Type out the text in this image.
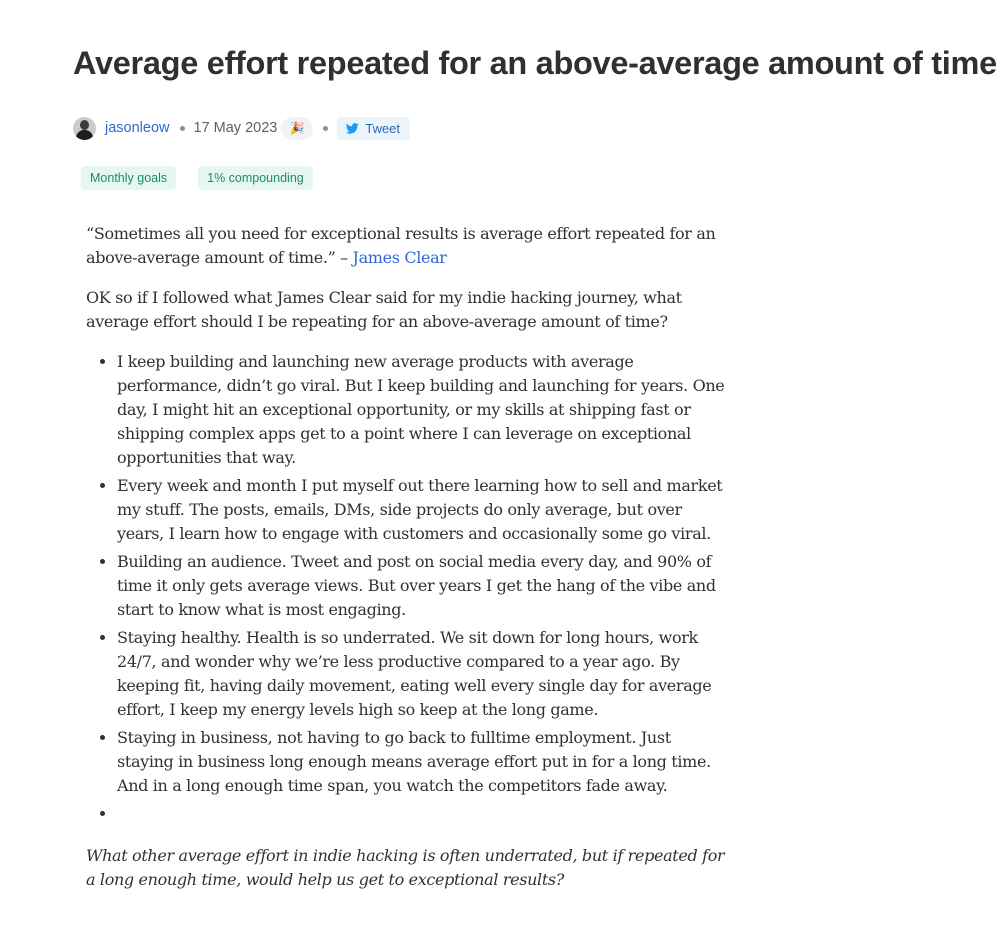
Average effort repeated for an above-average amount of time
jasonleow 17 May 2023 🎉	Tweet
Monthly goals	1% compounding

“Sometimes all you need for exceptional results is average effort repeated for an above-average amount of time.” – James Clear

OK so if I followed what James Clear said for my indie hacking journey, what average effort should I be repeating for an above-average amount of time?

• I keep building and launching new average products with average performance, didn’t go viral. But I keep building and launching for years. One day, I might hit an exceptional opportunity, or my skills at shipping fast or shipping complex apps get to a point where I can leverage on exceptional opportunities that way.
• Every week and month I put myself out there learning how to sell and market my stuff. The posts, emails, DMs, side projects do only average, but over years, I learn how to engage with customers and occasionally some go viral.
• Building an audience. Tweet and post on social media every day, and 90% of time it only gets average views. But over years I get the hang of the vibe and start to know what is most engaging.
• Staying healthy. Health is so underrated. We sit down for long hours, work 24/7, and wonder why we’re less productive compared to a year ago. By keeping fit, having daily movement, eating well every single day for average effort, I keep my energy levels high so keep at the long game.
• Staying in business, not having to go back to fulltime employment. Just staying in business long enough means average effort put in for a long time. And in a long enough time span, you watch the competitors fade away.
•

What other average effort in indie hacking is often underrated, but if repeated for a long enough time, would help us get to exceptional results?
